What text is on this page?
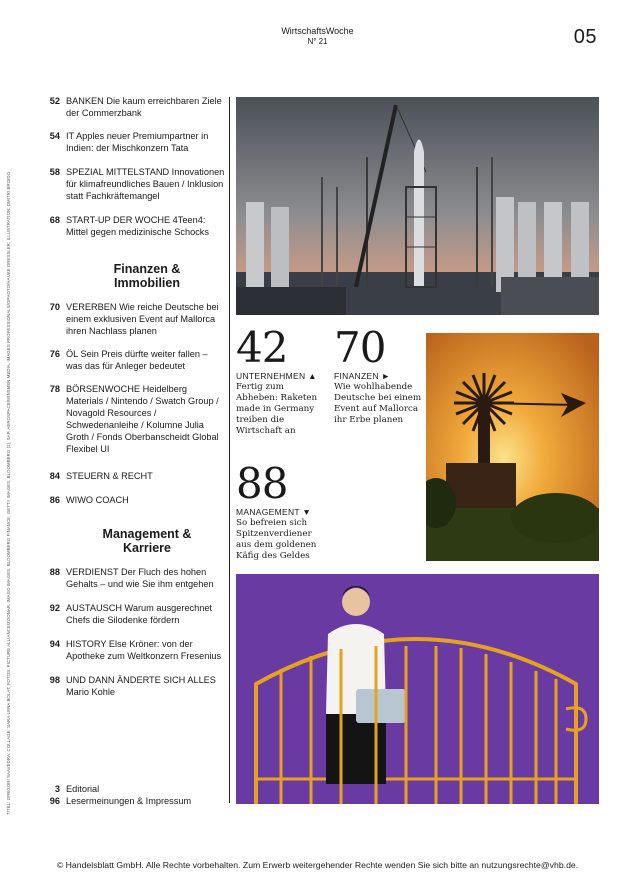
WirtschaftsWoche
N° 21	05
TITEL: GREGORI SAAVEDRA; COLLAGE: SARA-LENA BOLAT; FOTOS: PICTURE ALLIANCE/ZOONAR, IMAGO IMAGES, BLOOMBERG FINANCE, GETTY IMAGES, BLOOMBERG (2), SAP, AEROSPACE/WINSMEN MEDIA, IMAGES PROFESSIONALS/OPHOTO/HAUKE DRESSLER; ILLUSTRATION: DMITRI BROIDO
52 BANKEN Die kaum erreichbaren Ziele der Commerzbank
54 IT Apples neuer Premiumpartner in Indien: der Mischkonzern Tata
58 SPEZIAL MITTELSTAND Innovationen für klimafreundliches Bauen / Inklusion statt Fachkräftemangel
68 START-UP DER WOCHE 4Teen4: Mittel gegen medizinische Schocks
Finanzen &
Immobilien
70 VERERBEN Wie reiche Deutsche bei einem exklusiven Event auf Mallorca ihren Nachlass planen
76 ÖL Sein Preis dürfte weiter fallen – was das für Anleger bedeutet
78 BÖRSENWOCHE Heidelberg Materials / Nintendo / Swatch Group / Novagold Resources / Schwedenanleihe / Kolumne Julia Groth / Fonds Oberbanscheidt Global Flexibel UI
84 STEUERN & RECHT
86 WIWO COACH
Management &
Karriere
88 VERDIENST Der Fluch des hohen Gehalts – und wie Sie ihm entgehen
92 AUSTAUSCH Warum ausgerechnet Chefs die Silodenke fördern
94 HISTORY Else Kröner: von der Apotheke zum Weltkonzern Fresenius
98 UND DANN ÄNDERTE SICH ALLES Mario Kohle
3 Editorial
96 Lesermeinungen & Impressum
42
UNTERNEHMEN ▲
Fertig zum Abheben: Raketen made in Germany treiben die Wirtschaft an
70
FINANZEN ►
Wie wohlhabende Deutsche bei einem Event auf Mallorca ihr Erbe planen
88
MANAGEMENT ▼
So befreien sich Spitzenverdiener aus dem goldenen Käfig des Geldes
© Handelsblatt GmbH. Alle Rechte vorbehalten. Zum Erwerb weitergehender Rechte wenden Sie sich bitte an nutzungsrechte@vhb.de.
